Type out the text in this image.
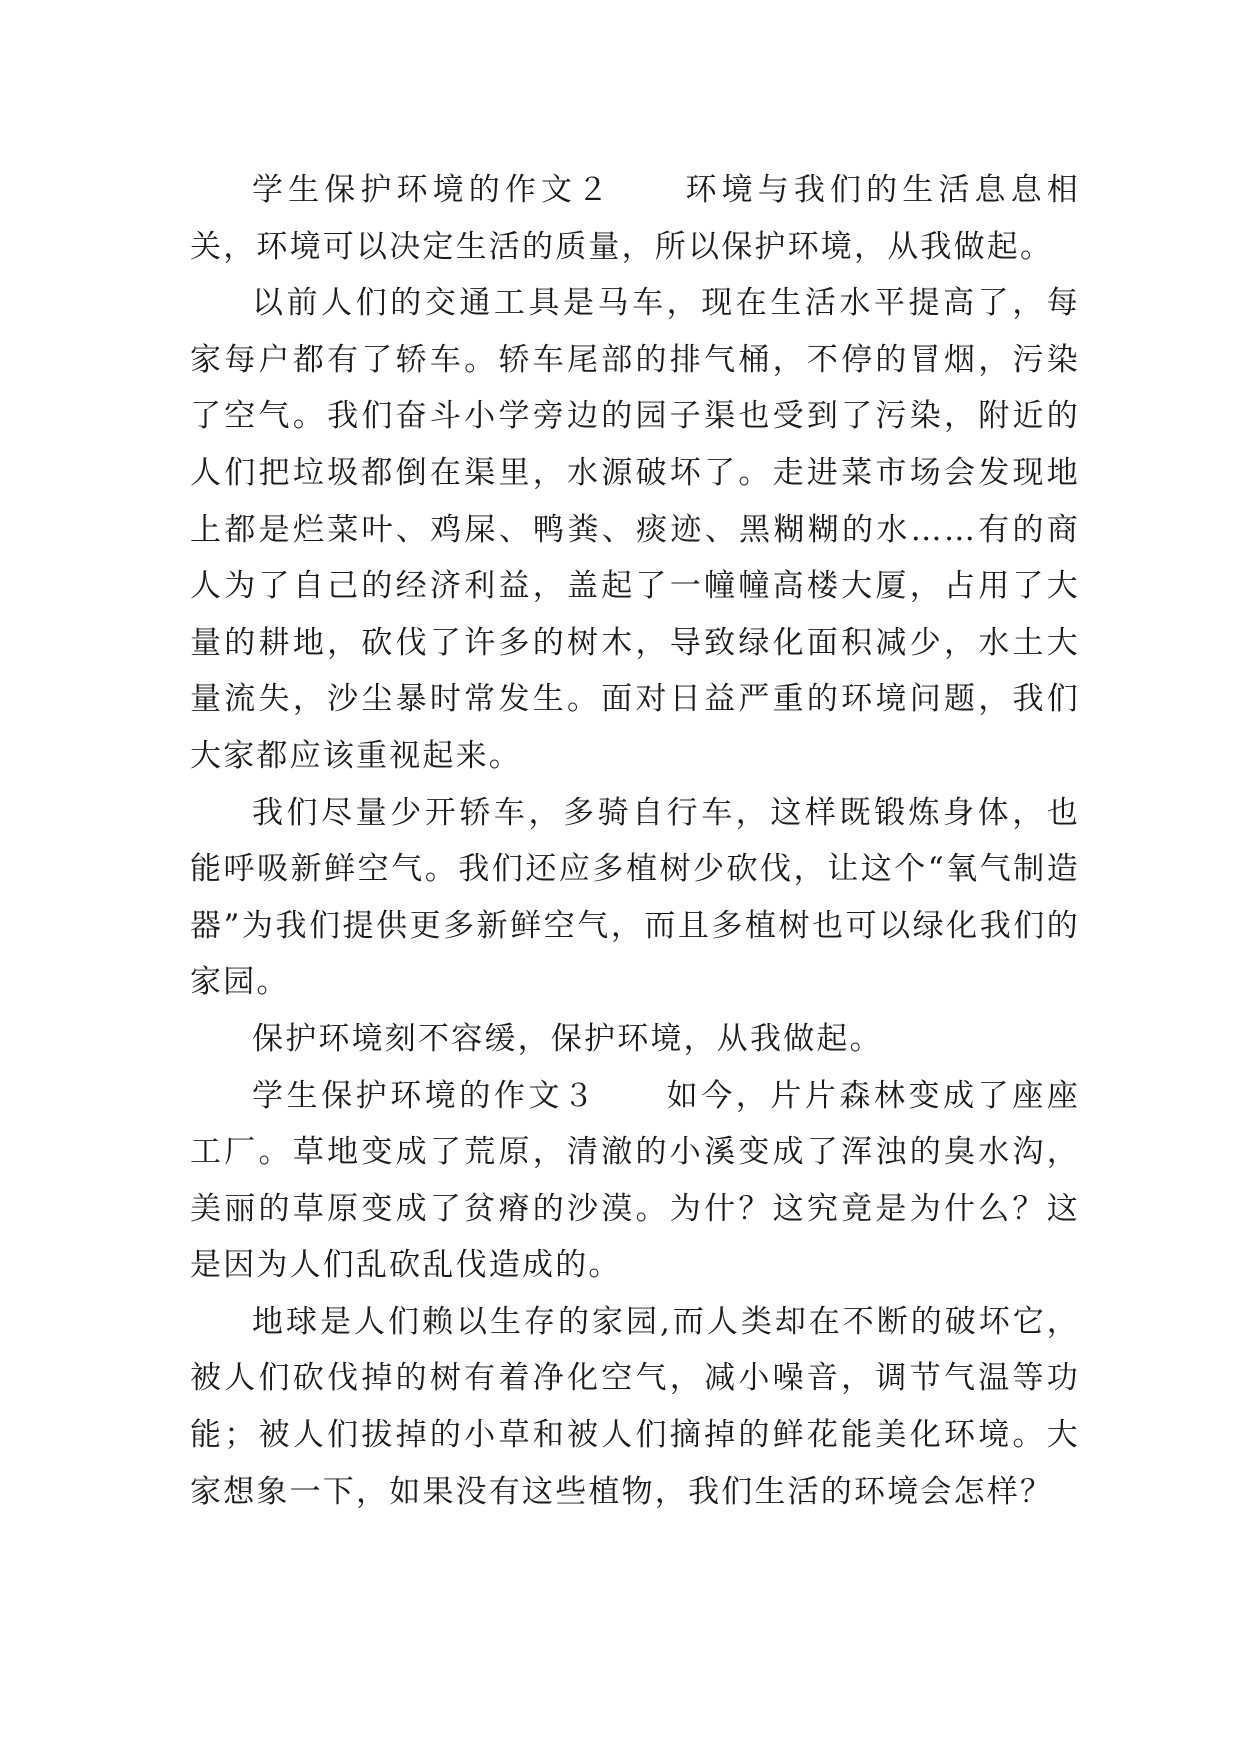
学生保护环境的作文２　　环境与我们的生活息息相关，环境可以决定生活的质量，所以保护环境，从我做起。

以前人们的交通工具是马车，现在生活水平提高了，每家每户都有了轿车。轿车尾部的排气桶，不停的冒烟，污染了空气。我们奋斗小学旁边的园子渠也受到了污染，附近的人们把垃圾都倒在渠里，水源破坏了。走进菜市场会发现地上都是烂菜叶、鸡屎、鸭粪、痰迹、黑糊糊的水……有的商人为了自己的经济利益，盖起了一幢幢高楼大厦，占用了大量的耕地，砍伐了许多的树木，导致绿化面积减少，水土大量流失，沙尘暴时常发生。面对日益严重的环境问题，我们大家都应该重视起来。

我们尽量少开轿车，多骑自行车，这样既锻炼身体，也能呼吸新鲜空气。我们还应多植树少砍伐，让这个“氧气制造器”为我们提供更多新鲜空气，而且多植树也可以绿化我们的家园。

保护环境刻不容缓，保护环境，从我做起。

学生保护环境的作文３　　如今，片片森林变成了座座工厂。草地变成了荒原，清澈的小溪变成了浑浊的臭水沟，美丽的草原变成了贫瘠的沙漠。为什？这究竟是为什么？这是因为人们乱砍乱伐造成的。

地球是人们赖以生存的家园,而人类却在不断的破坏它，被人们砍伐掉的树有着净化空气，减小噪音，调节气温等功能；被人们拔掉的小草和被人们摘掉的鲜花能美化环境。大家想象一下，如果没有这些植物，我们生活的环境会怎样？
